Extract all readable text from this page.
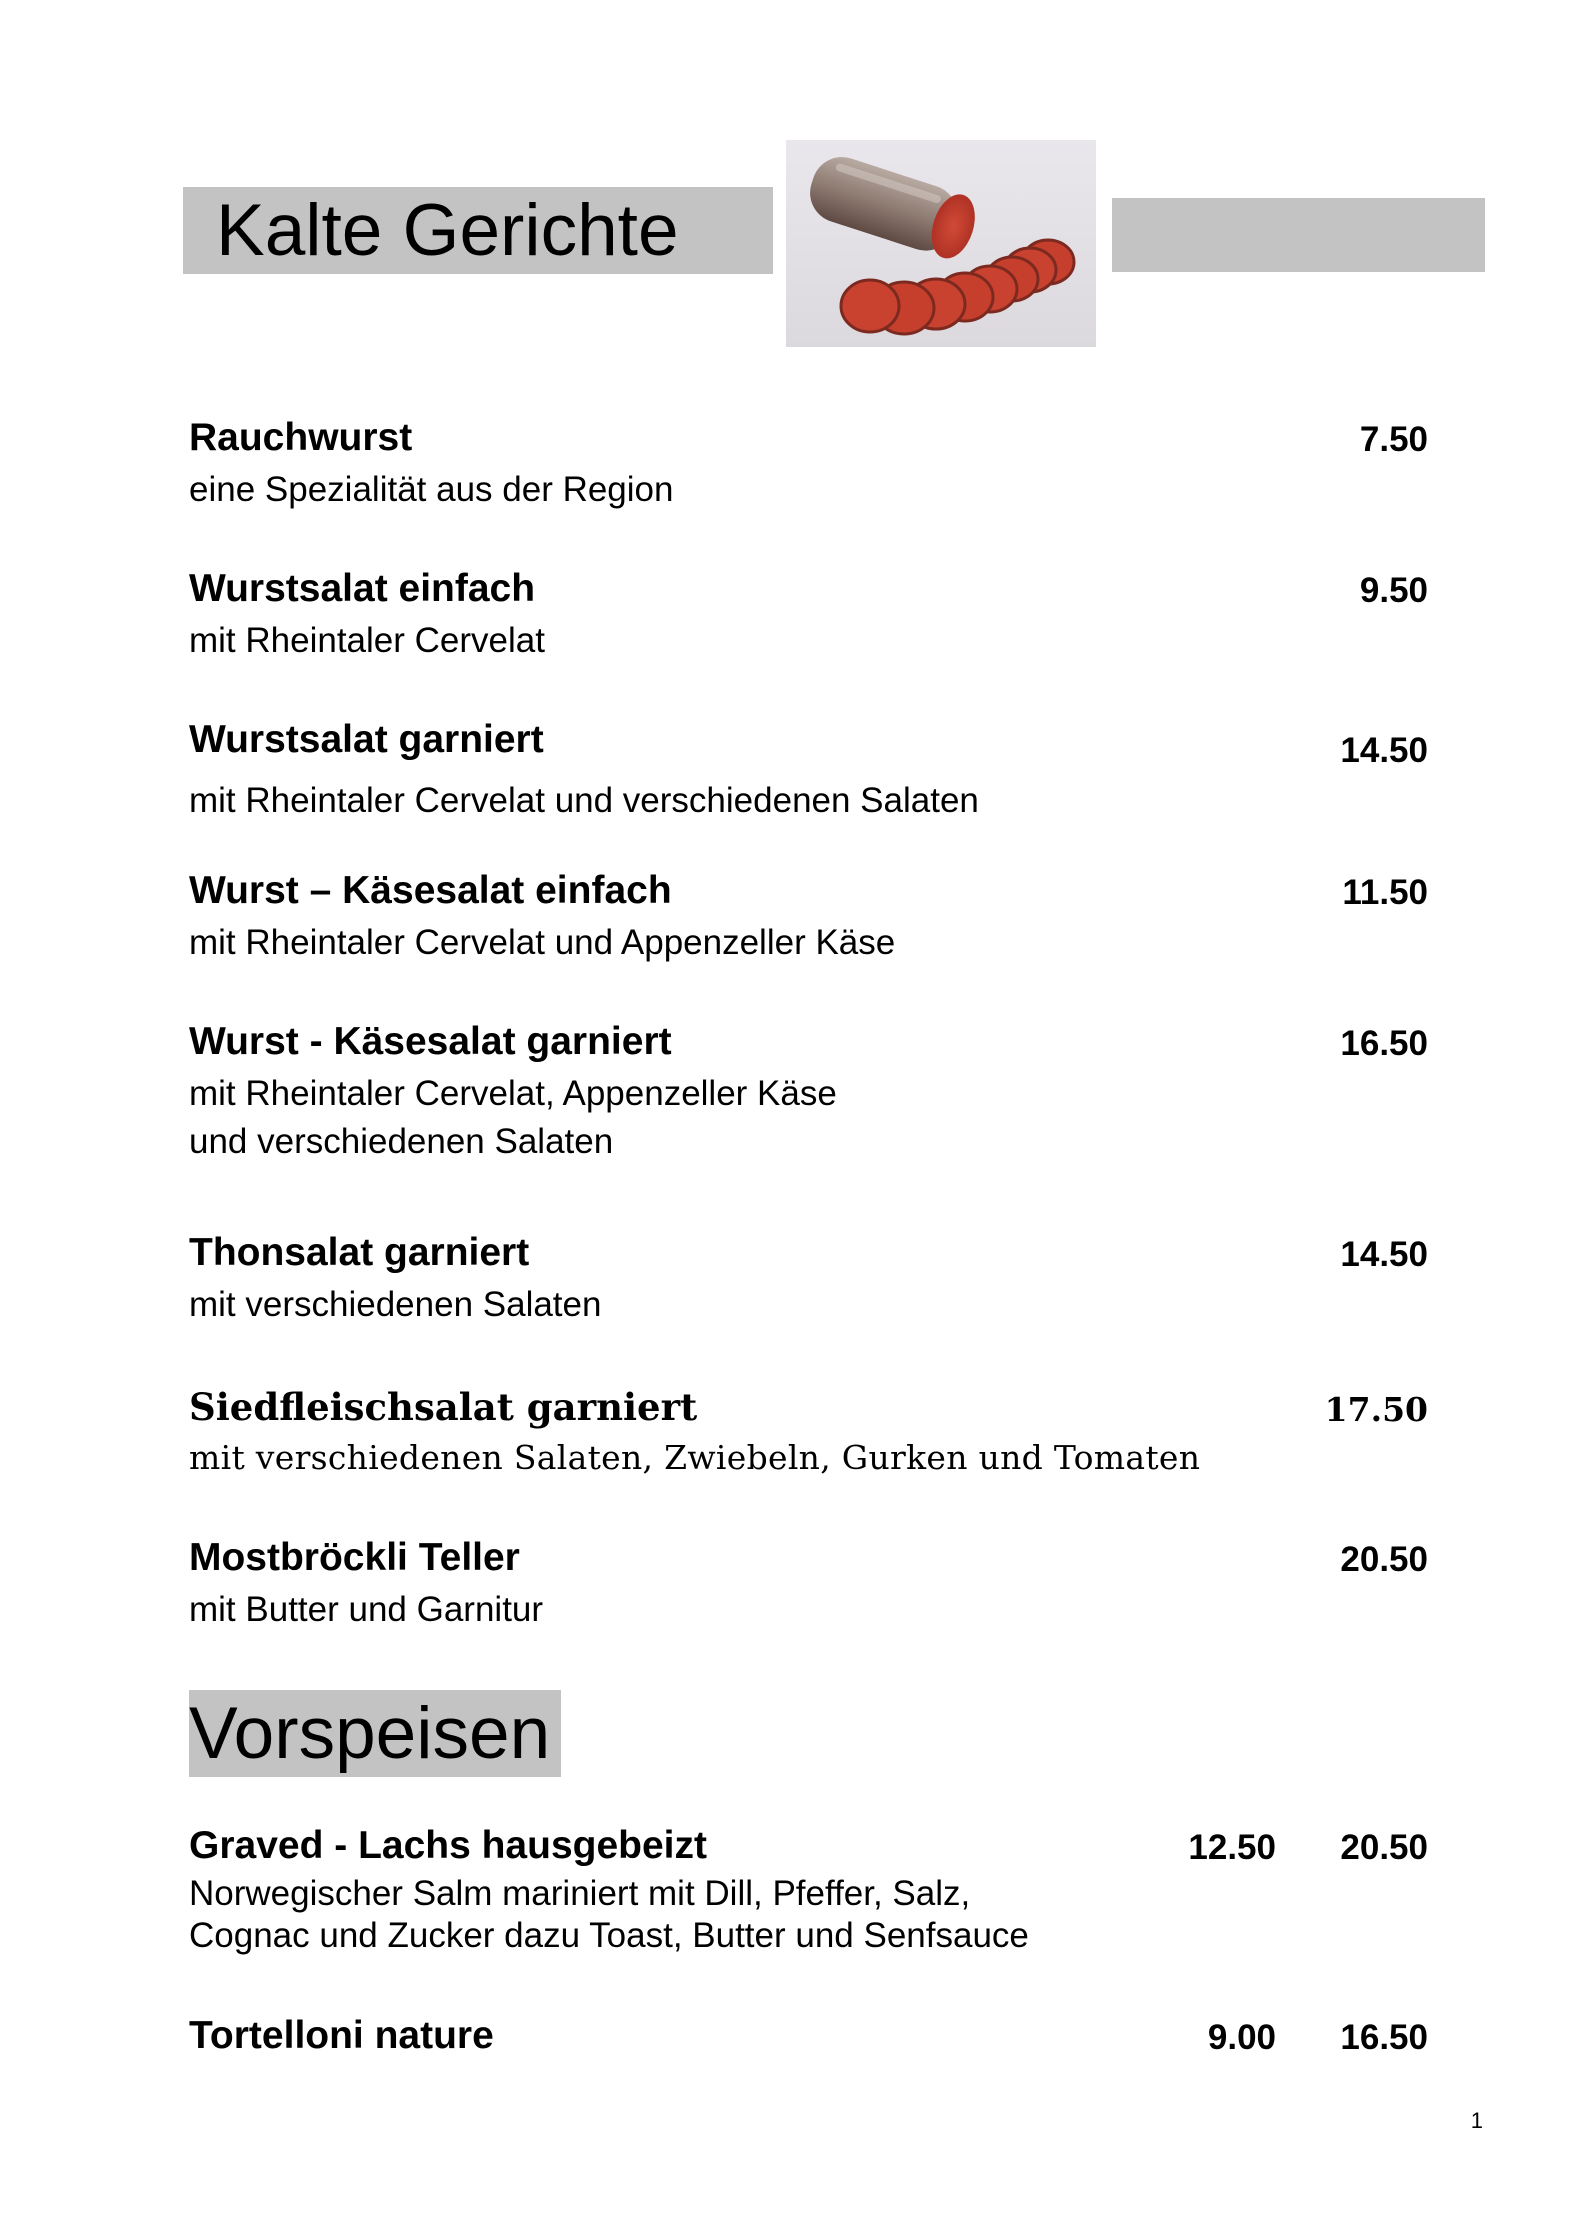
Kalte Gerichte
Rauchwurst	7.50
eine Spezialität aus der Region
Wurstsalat einfach	9.50
mit Rheintaler Cervelat
Wurstsalat garniert	14.50
mit Rheintaler Cervelat und verschiedenen Salaten
Wurst – Käsesalat einfach	11.50
mit Rheintaler Cervelat und Appenzeller Käse
Wurst - Käsesalat garniert	16.50
mit Rheintaler Cervelat, Appenzeller Käse
und verschiedenen Salaten
Thonsalat garniert	14.50
mit verschiedenen Salaten
Siedfleischsalat garniert	17.50
mit verschiedenen Salaten, Zwiebeln, Gurken und Tomaten
Mostbröckli Teller	20.50
mit Butter und Garnitur
Vorspeisen
Graved - Lachs hausgebeizt	12.50 20.50
Norwegischer Salm mariniert mit Dill, Pfeffer, Salz,
Cognac und Zucker dazu Toast, Butter und Senfsauce
Tortelloni nature	9.00 16.50
1
